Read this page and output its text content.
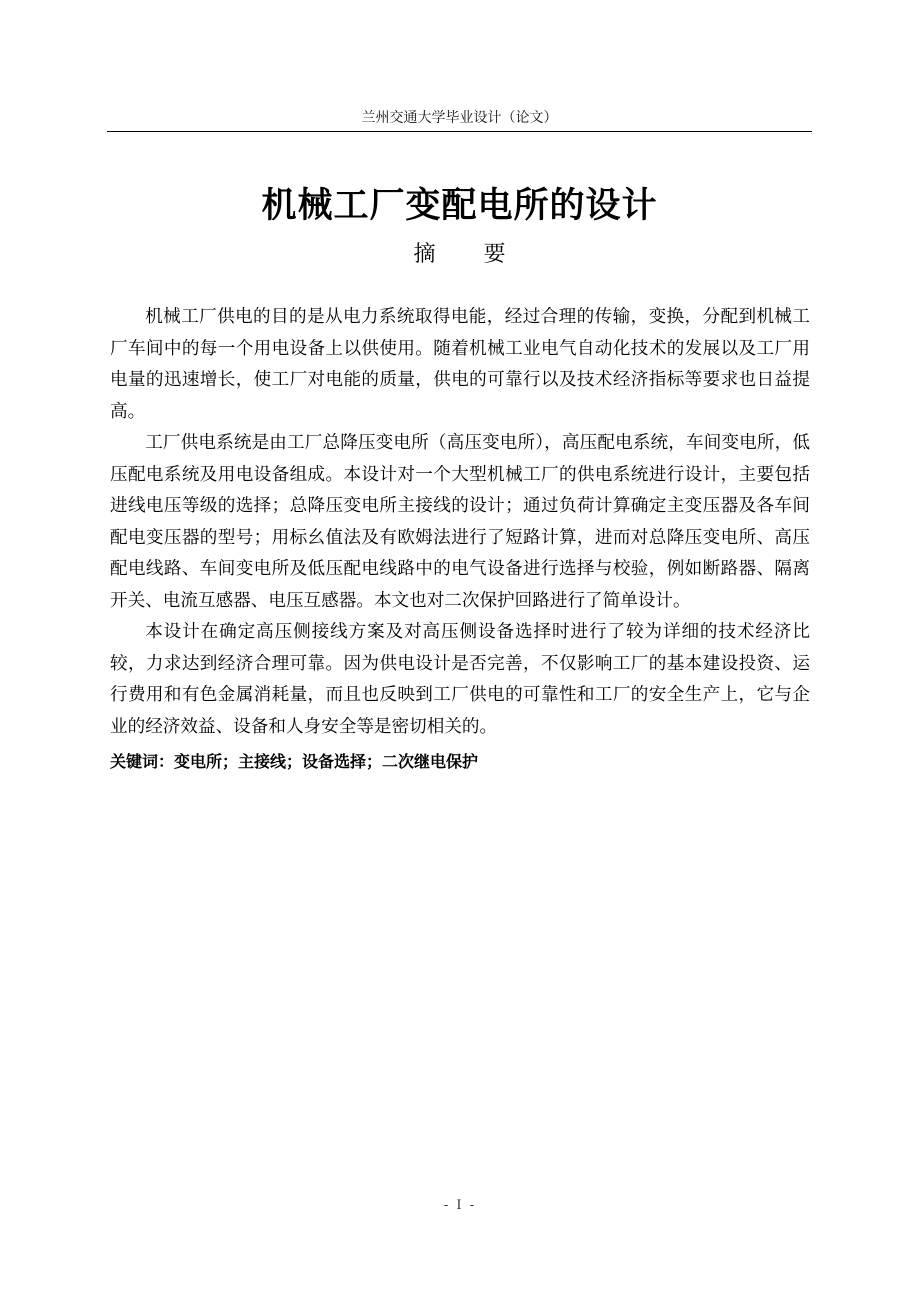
兰州交通大学毕业设计（论文）
机械工厂变配电所的设计
摘要

机械工厂供电的目的是从电力系统取得电能，经过合理的传输，变换，分配到机械工厂车间中的每一个用电设备上以供使用。随着机械工业电气自动化技术的发展以及工厂用电量的迅速增长，使工厂对电能的质量，供电的可靠行以及技术经济指标等要求也日益提高。

工厂供电系统是由工厂总降压变电所（高压变电所），高压配电系统，车间变电所，低压配电系统及用电设备组成。本设计对一个大型机械工厂的供电系统进行设计，主要包括进线电压等级的选择；总降压变电所主接线的设计；通过负荷计算确定主变压器及各车间配电变压器的型号；用标幺值法及有欧姆法进行了短路计算，进而对总降压变电所、高压配电线路、车间变电所及低压配电线路中的电气设备进行选择与校验，例如断路器、隔离开关、电流互感器、电压互感器。本文也对二次保护回路进行了简单设计。

本设计在确定高压侧接线方案及对高压侧设备选择时进行了较为详细的技术经济比较，力求达到经济合理可靠。因为供电设计是否完善，不仅影响工厂的基本建设投资、运行费用和有色金属消耗量，而且也反映到工厂供电的可靠性和工厂的安全生产上，它与企业的经济效益、设备和人身安全等是密切相关的。

关键词：变电所；主接线；设备选择；二次继电保护
- I -
